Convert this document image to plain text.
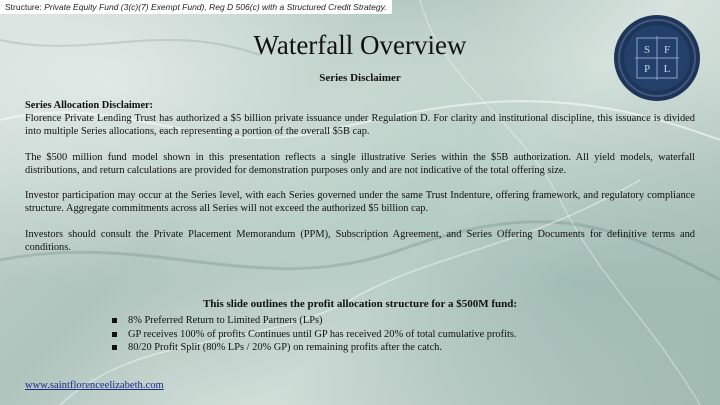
Structure: Private Equity Fund (3(c)(7) Exempt Fund), Reg D 506(c) with a Structured Credit Strategy.
Waterfall Overview
Series Disclaimer
S F
P L

Series Allocation Disclaimer:

Florence Private Lending Trust has authorized a $5 billion private issuance under Regulation D. For clarity and institutional discipline, this issuance is divided into multiple Series allocations, each representing a portion of the overall $5B cap.

The $500 million fund model shown in this presentation reflects a single illustrative Series within the $5B authorization. All yield models, waterfall distributions, and return calculations are provided for demonstration purposes only and are not indicative of the total offering size.

Investor participation may occur at the Series level, with each Series governed under the same Trust Indenture, offering framework, and regulatory compliance structure. Aggregate commitments across all Series will not exceed the authorized $5 billion cap.

Investors should consult the Private Placement Memorandum (PPM), Subscription Agreement, and Series Offering Documents for definitive terms and conditions.

This slide outlines the profit allocation structure for a $500M fund:
8% Preferred Return to Limited Partners (LPs)
GP receives 100% of profits Continues until GP has received 20% of total cumulative profits.
80/20 Profit Split (80% LPs / 20% GP) on remaining profits after the catch.
www.saintflorenceelizabeth.com
